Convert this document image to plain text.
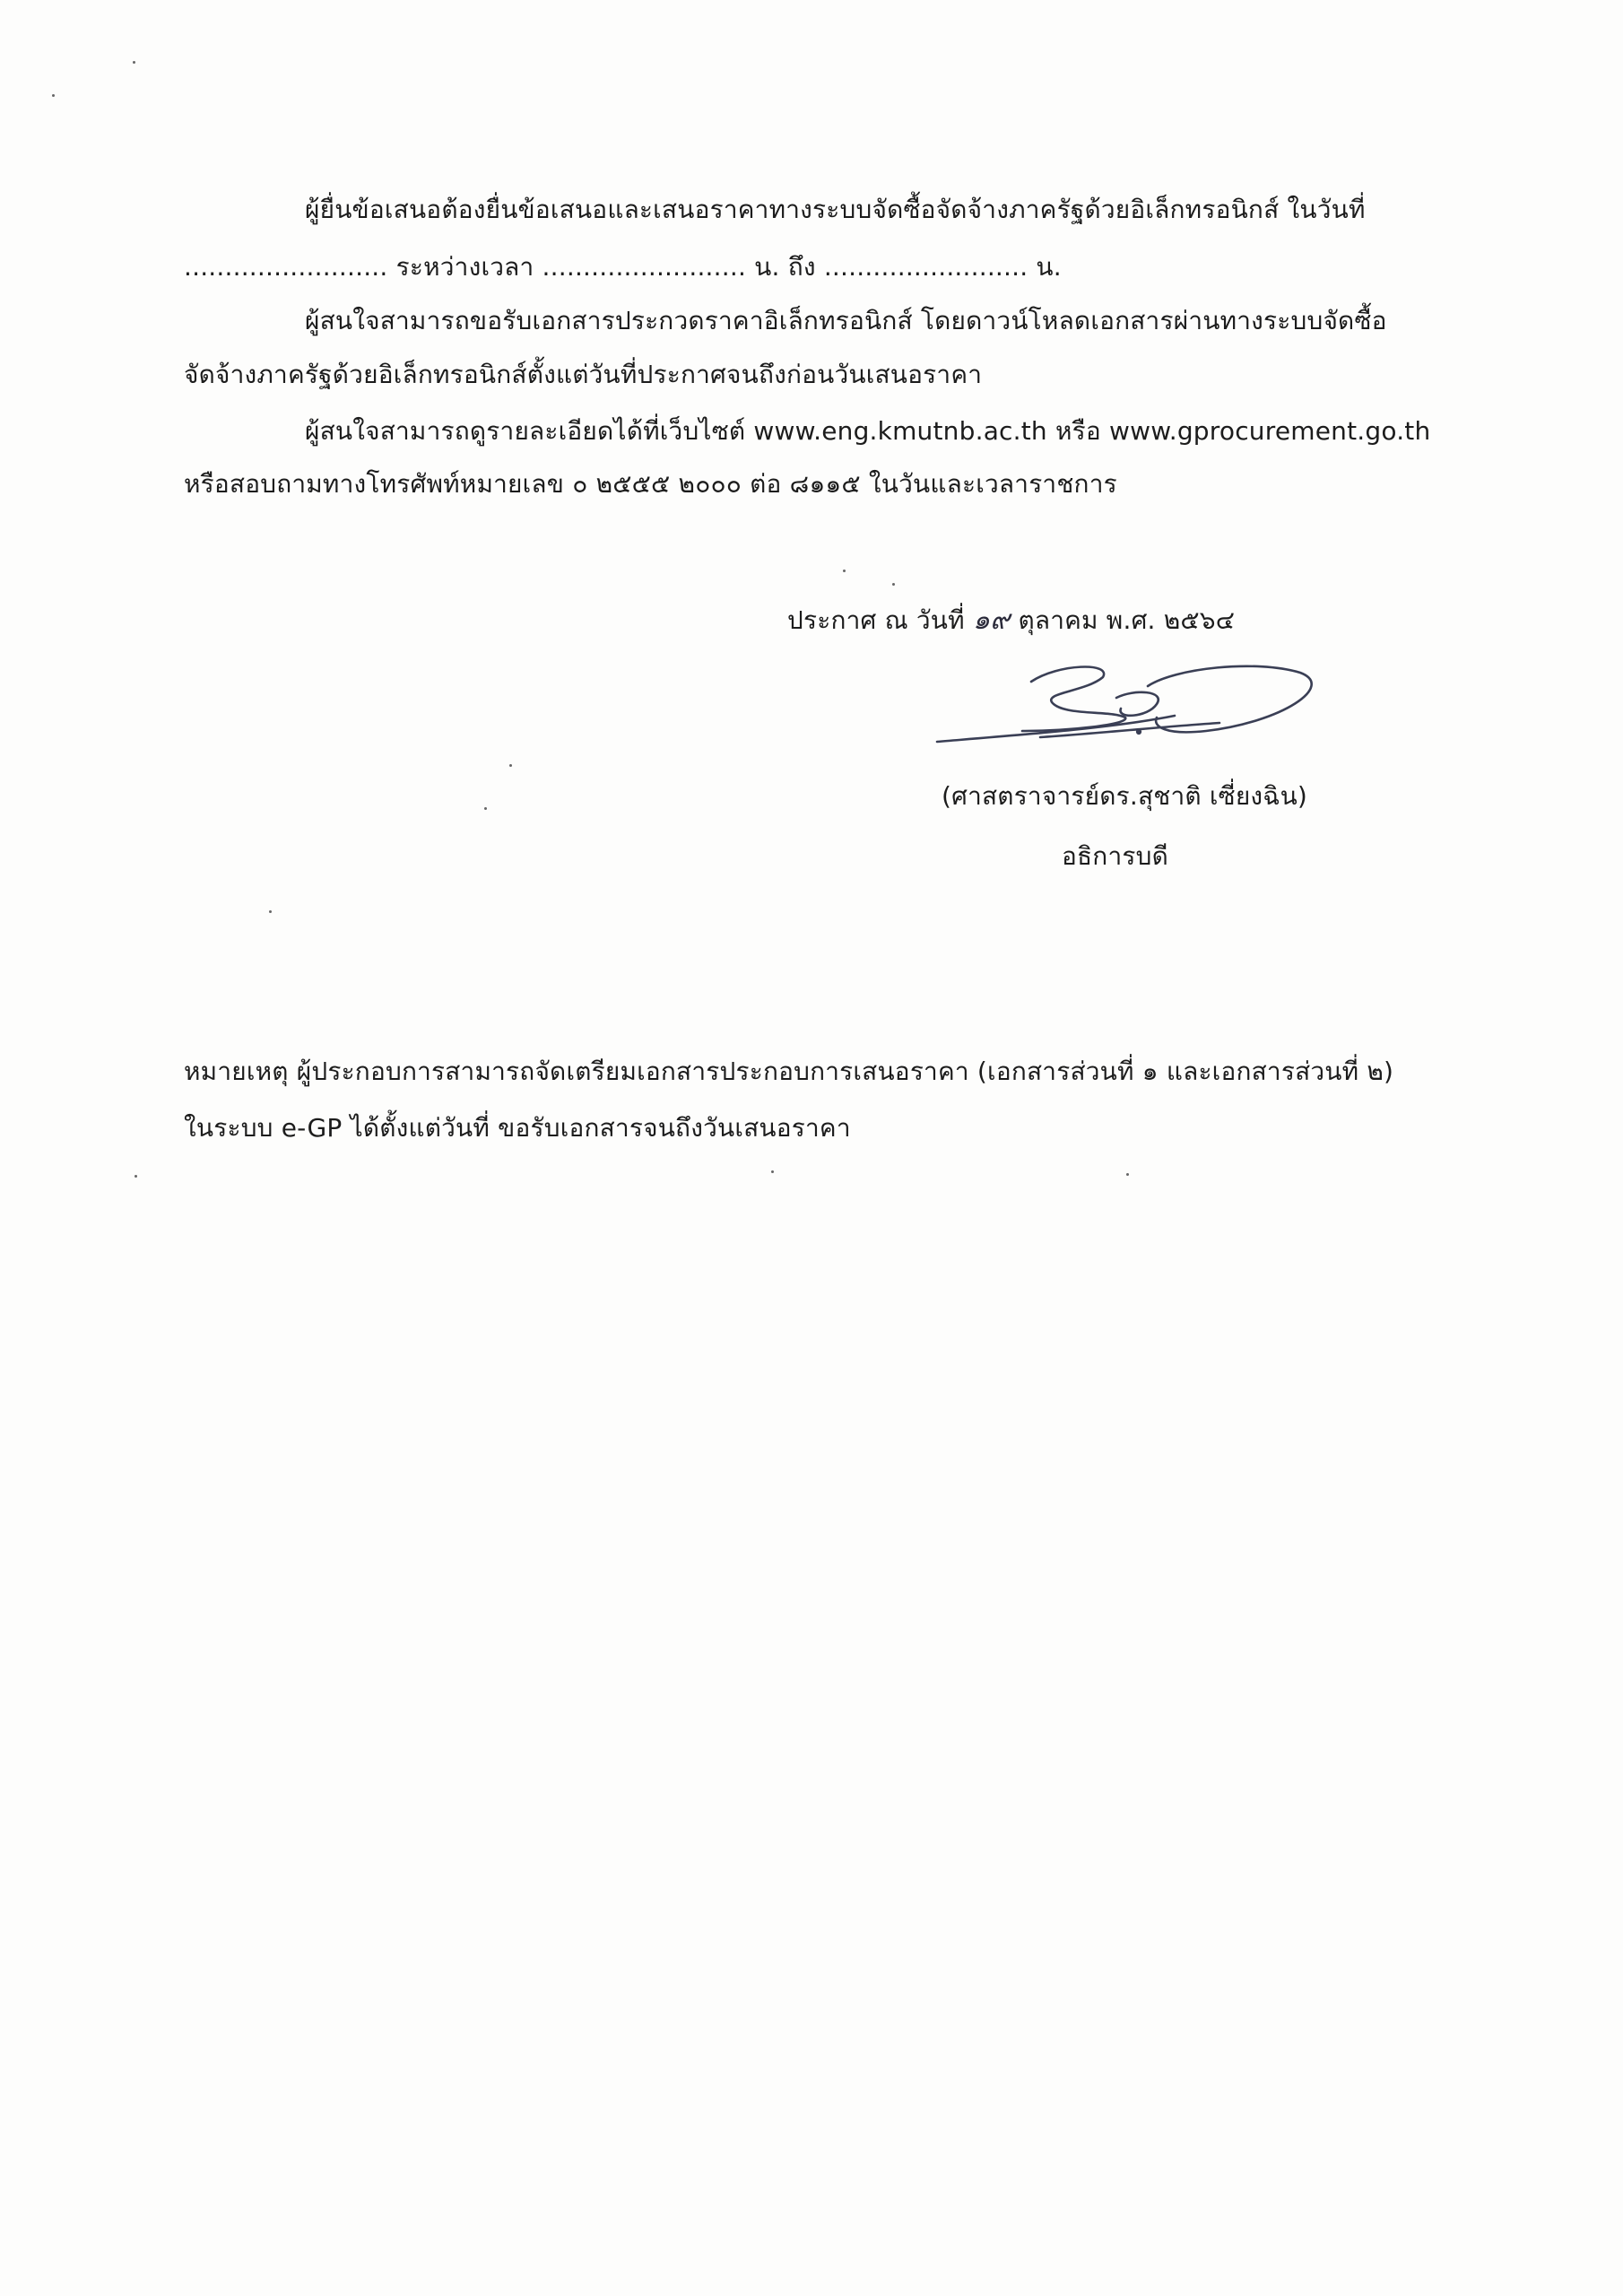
ผู้ยื่นข้อเสนอต้องยื่นข้อเสนอและเสนอราคาทางระบบจัดซื้อจัดจ้างภาครัฐด้วยอิเล็กทรอนิกส์ ในวันที่

......................... ระหว่างเวลา ......................... น. ถึง ......................... น.

ผู้สนใจสามารถขอรับเอกสารประกวดราคาอิเล็กทรอนิกส์ โดยดาวน์โหลดเอกสารผ่านทางระบบจัดซื้อ

จัดจ้างภาครัฐด้วยอิเล็กทรอนิกส์ตั้งแต่วันที่ประกาศจนถึงก่อนวันเสนอราคา

ผู้สนใจสามารถดูรายละเอียดได้ที่เว็บไซต์ www.eng.kmutnb.ac.th หรือ www.gprocurement.go.th

หรือสอบถามทางโทรศัพท์หมายเลข ๐ ๒๕๕๕ ๒๐๐๐ ต่อ ๘๑๑๕ ในวันและเวลาราชการ

ประกาศ ณ วันที่ ๑๙ ตุลาคม พ.ศ. ๒๕๖๔

(ศาสตราจารย์ดร.สุชาติ เซี่ยงฉิน)

อธิการบดี

หมายเหตุ ผู้ประกอบการสามารถจัดเตรียมเอกสารประกอบการเสนอราคา (เอกสารส่วนที่ ๑ และเอกสารส่วนที่ ๒)

ในระบบ e-GP ได้ตั้งแต่วันที่ ขอรับเอกสารจนถึงวันเสนอราคา
